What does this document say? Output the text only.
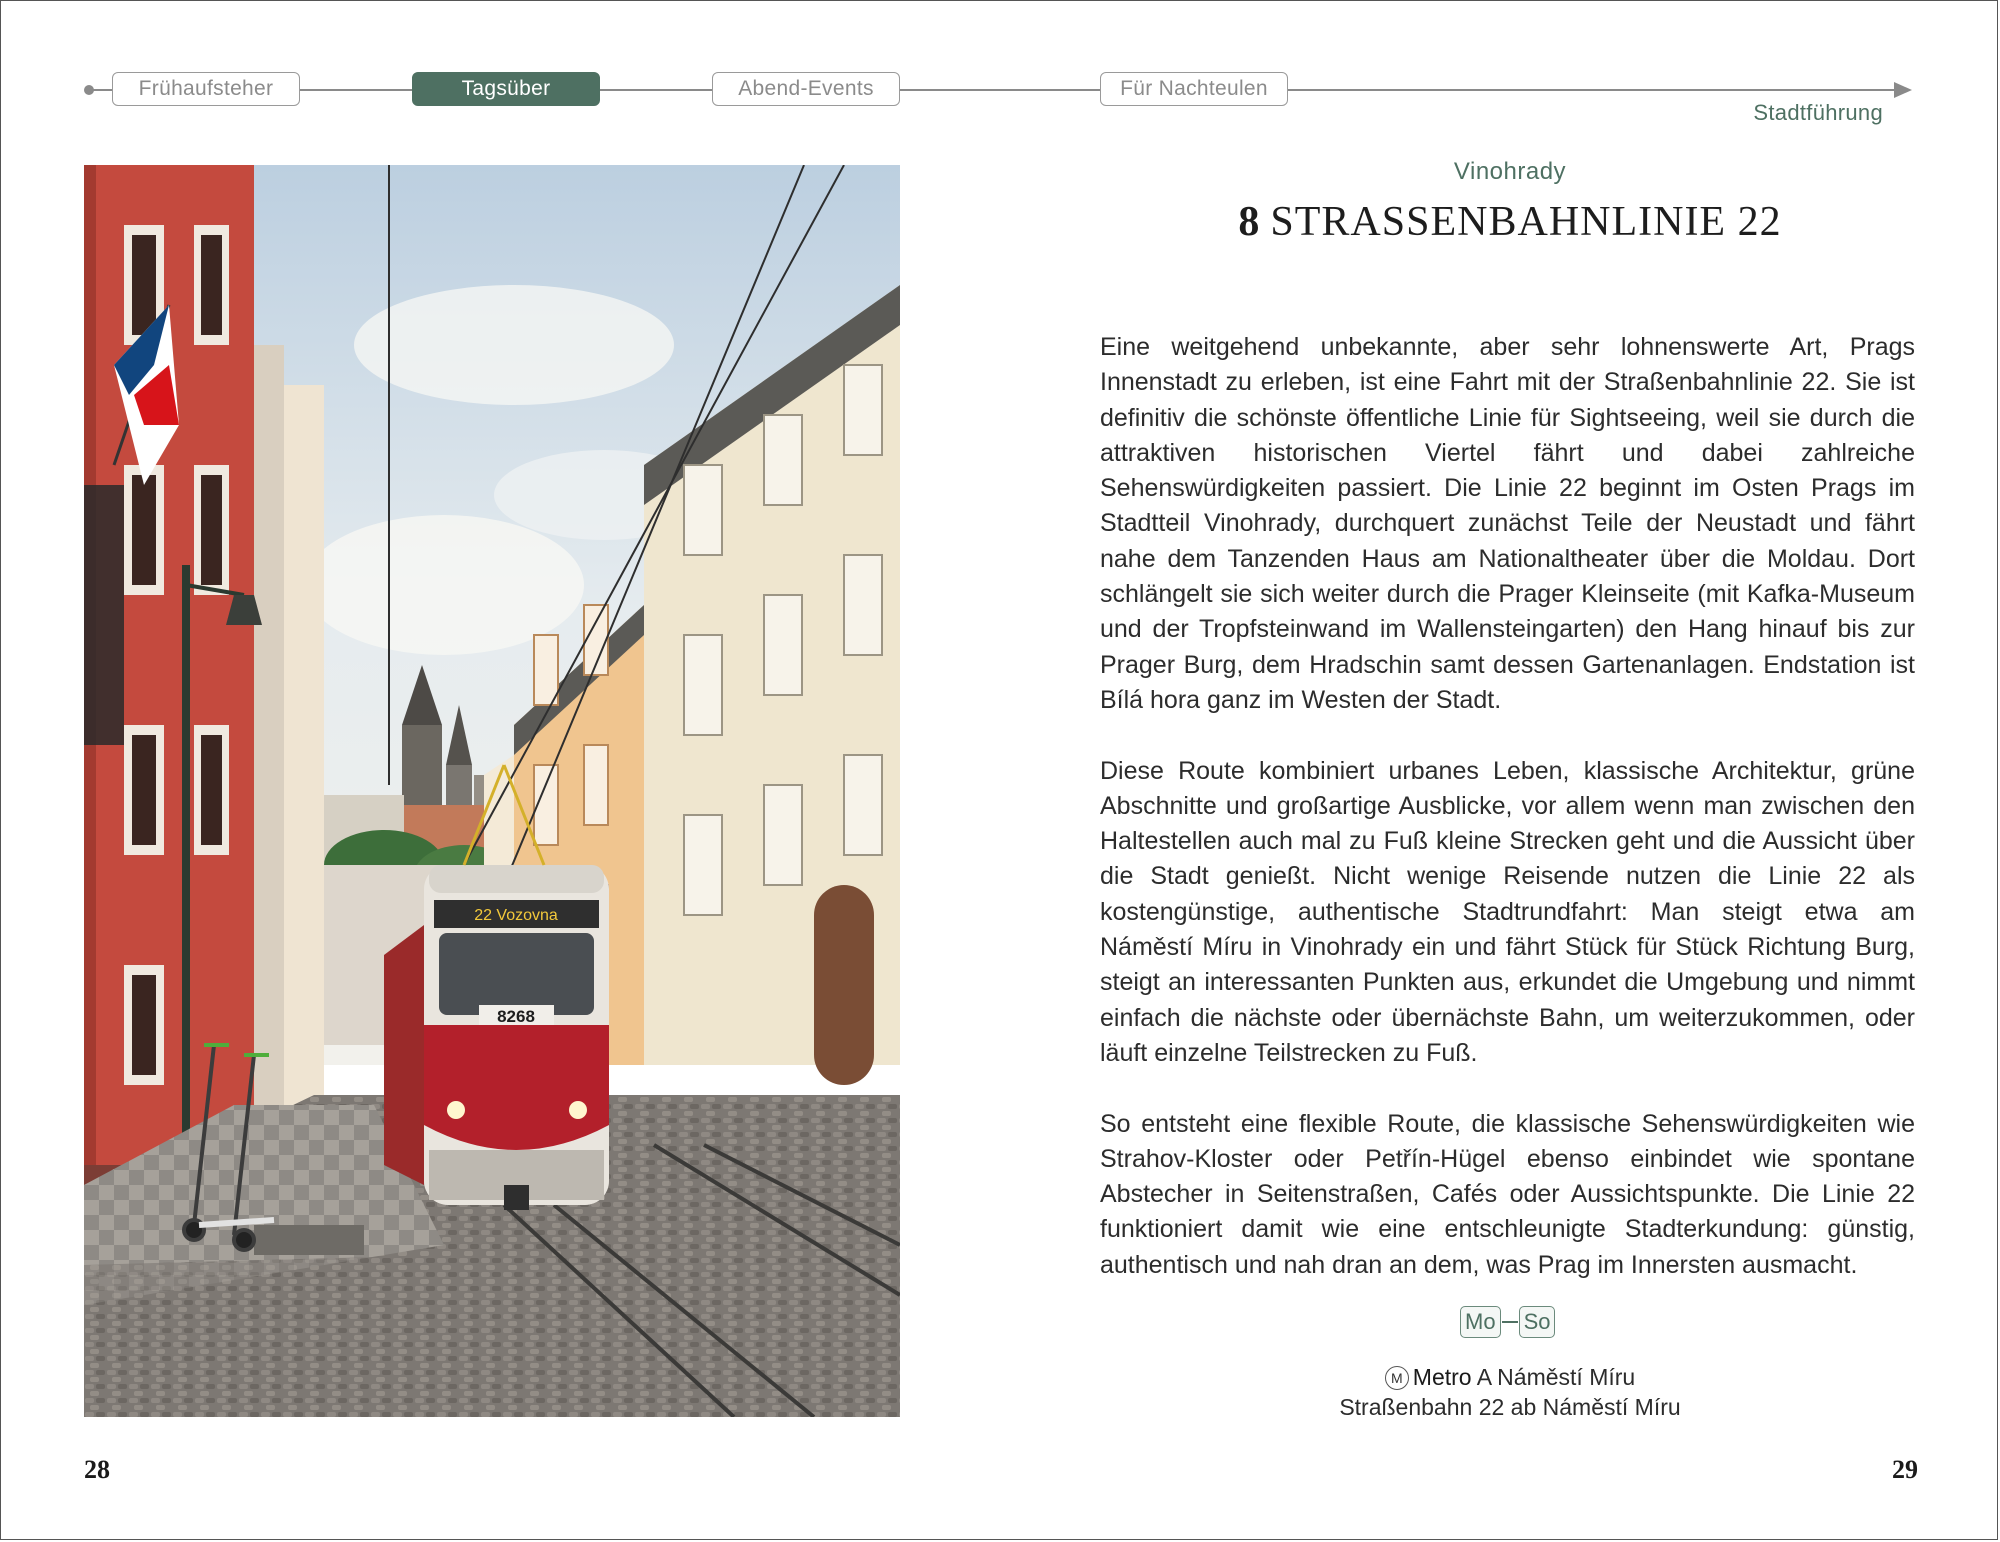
Frühaufsteher	Tagsüber	Abend-Events	Für Nachteulen
Stadtführung
22 Vozovna
8268
Vinohrady
8 STRASSENBAHNLINIE 22

Eine weitgehend unbekannte, aber sehr lohnenswerte Art, Prags Innenstadt zu erleben, ist eine Fahrt mit der Straßenbahnlinie 22. Sie ist definitiv die schönste öffentliche Linie für Sightseeing, weil sie durch die attraktiven historischen Viertel fährt und dabei zahlreiche Sehenswürdigkeiten passiert. Die Linie 22 beginnt im Osten Prags im Stadtteil Vinohrady, durchquert zunächst Teile der Neustadt und fährt nahe dem Tanzenden Haus am Nationaltheater über die Moldau. Dort schlängelt sie sich weiter durch die Prager Kleinseite (mit Kafka-Museum und der Tropfsteinwand im Wallensteingarten) den Hang hinauf bis zur Prager Burg, dem Hradschin samt dessen Gartenanlagen. Endstation ist Bílá hora ganz im Westen der Stadt.

Diese Route kombiniert urbanes Leben, klassische Architektur, grüne Abschnitte und großartige Ausblicke, vor allem wenn man zwischen den Haltestellen auch mal zu Fuß kleine Strecken geht und die Aussicht über die Stadt genießt. Nicht wenige Reisende nutzen die Linie 22 als kostengünstige, authentische Stadtrundfahrt: Man steigt etwa am Náměstí Míru in Vinohrady ein und fährt Stück für Stück Richtung Burg, steigt an interessanten Punkten aus, erkundet die Umgebung und nimmt einfach die nächste oder übernächste Bahn, um weiterzukommen, oder läuft einzelne Teilstrecken zu Fuß.

So entsteht eine flexible Route, die klassische Sehenswürdigkeiten wie Strahov-Kloster oder Petřín-Hügel ebenso einbindet wie spontane Abstecher in Seitenstraßen, Cafés oder Aussichtspunkte. Die Linie 22 funktioniert damit wie eine entschleunigte Stadterkundung: günstig, authentisch und nah dran an dem, was Prag im Innersten ausmacht.

Mo So
M Metro A Náměstí Míru
Straßenbahn 22 ab Náměstí Míru
28	29
